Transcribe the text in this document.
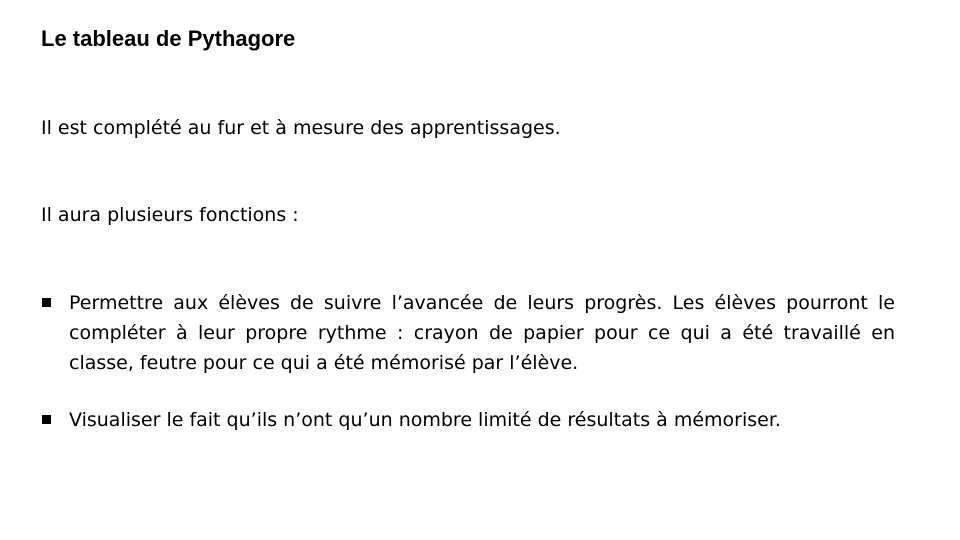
Le tableau de Pythagore

Il est complété au fur et à mesure des apprentissages.

Il aura plusieurs fonctions :

Permettre aux élèves de suivre l’avancée de leurs progrès. Les élèves pourront le compléter à leur propre rythme : crayon de papier pour ce qui a été travaillé en classe, feutre pour ce qui a été mémorisé par l’élève.
Visualiser le fait qu’ils n’ont qu’un nombre limité de résultats à mémoriser.
